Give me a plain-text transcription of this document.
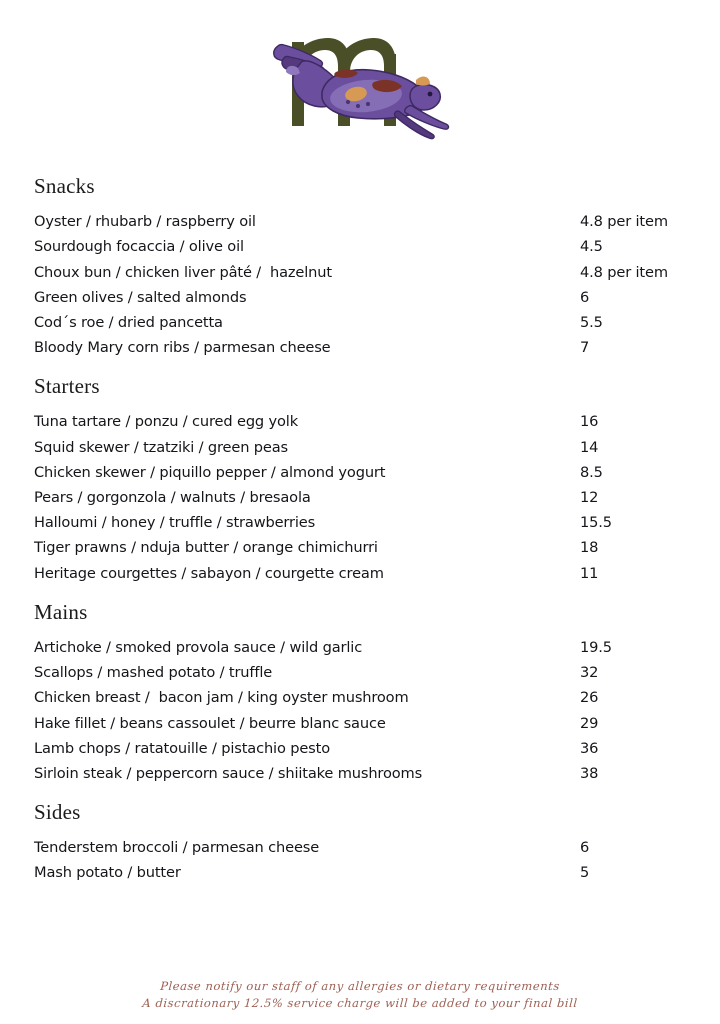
Snacks
Oyster / rhubarb / raspberry oil	4.8 per item
Sourdough focaccia / olive oil	4.5
Choux bun / chicken liver pâté /  hazelnut	4.8 per item
Green olives / salted almonds	6
Cod´s roe / dried pancetta	5.5
Bloody Mary corn ribs / parmesan cheese	7
Starters
Tuna tartare / ponzu / cured egg yolk	16
Squid skewer / tzatziki / green peas	14
Chicken skewer / piquillo pepper / almond yogurt	8.5
Pears / gorgonzola / walnuts / bresaola	12
Halloumi / honey / truffle / strawberries	15.5
Tiger prawns / nduja butter / orange chimichurri	18
Heritage courgettes / sabayon / courgette cream	11
Mains
Artichoke / smoked provola sauce / wild garlic	19.5
Scallops / mashed potato / truffle	32
Chicken breast /  bacon jam / king oyster mushroom	26
Hake fillet / beans cassoulet / beurre blanc sauce	29
Lamb chops / ratatouille / pistachio pesto	36
Sirloin steak / peppercorn sauce / shiitake mushrooms	38
Sides
Tenderstem broccoli / parmesan cheese	6
Mash potato / butter	5
Please notify our staff of any allergies or dietary requirements
A discrationary 12.5% service charge will be added to your final bill
